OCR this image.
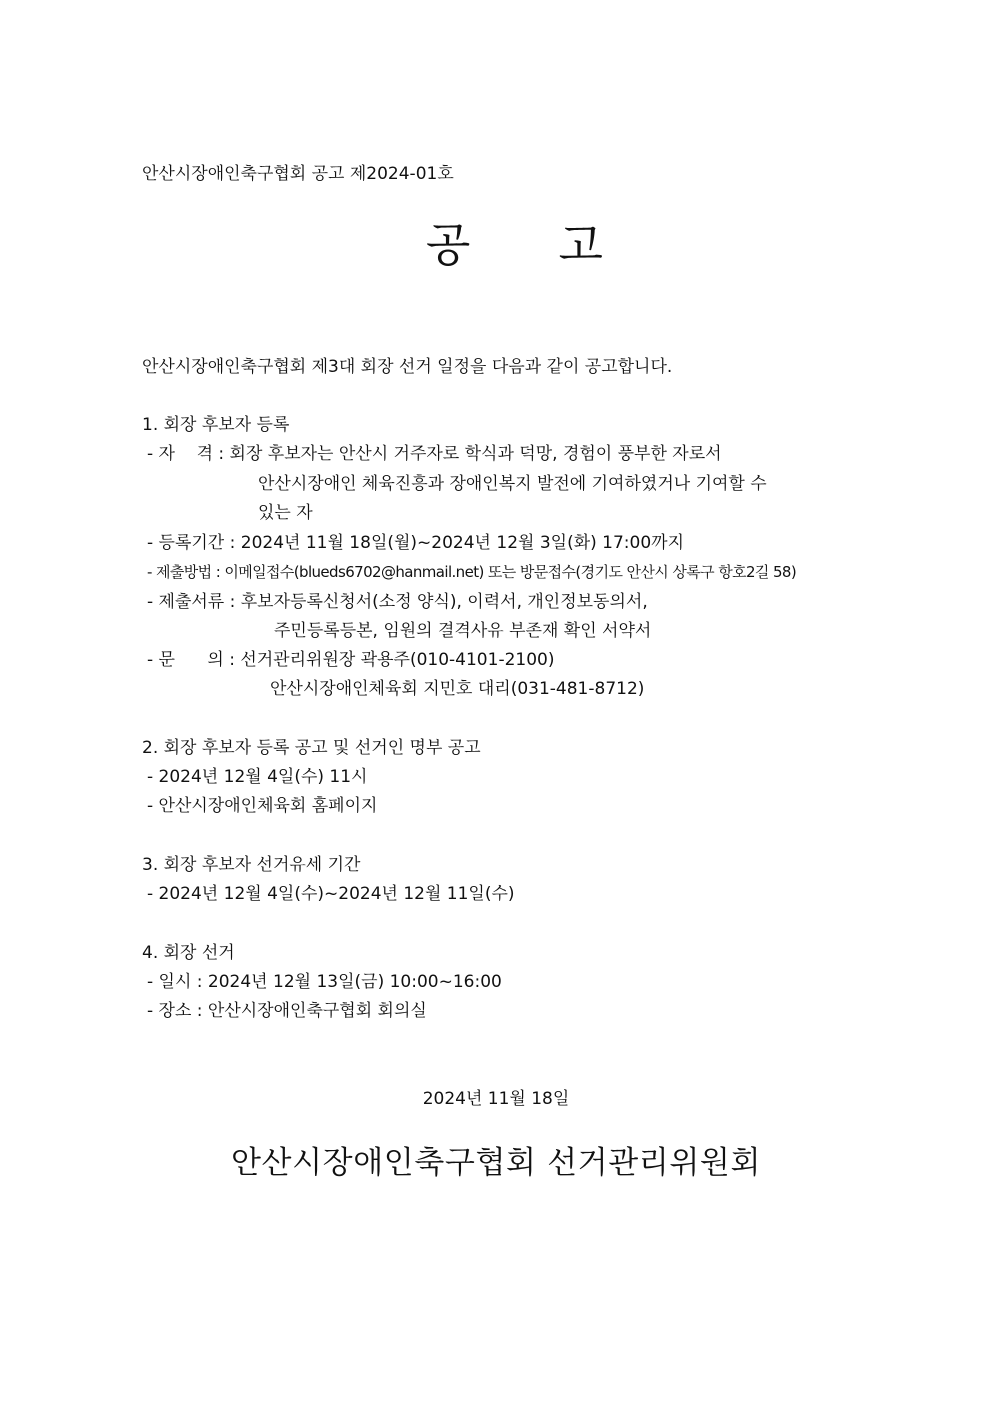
안산시장애인축구협회 공고 제2024-01호

공 고

안산시장애인축구협회 제3대 회장 선거 일정을 다음과 같이 공고합니다.

1. 회장 후보자 등록

- 자    격 : 회장 후보자는 안산시 거주자로 학식과 덕망, 경험이 풍부한 자로서

안산시장애인 체육진흥과 장애인복지 발전에 기여하였거나 기여할 수

있는 자

- 등록기간 : 2024년 11월 18일(월)~2024년 12월 3일(화) 17:00까지

- 제출방법 : 이메일접수(blueds6702@hanmail.net) 또는 방문접수(경기도 안산시 상록구 항호2길 58)

- 제출서류 : 후보자등록신청서(소정 양식), 이력서, 개인정보동의서,

주민등록등본, 임원의 결격사유 부존재 확인 서약서

- 문      의 : 선거관리위원장 곽용주(010-4101-2100)

안산시장애인체육회 지민호 대리(031-481-8712)

2. 회장 후보자 등록 공고 및 선거인 명부 공고

- 2024년 12월 4일(수) 11시

- 안산시장애인체육회 홈페이지

3. 회장 후보자 선거유세 기간

- 2024년 12월 4일(수)~2024년 12월 11일(수)

4. 회장 선거

- 일시 : 2024년 12월 13일(금) 10:00~16:00

- 장소 : 안산시장애인축구협회 회의실

2024년 11월 18일

안산시장애인축구협회 선거관리위원회
